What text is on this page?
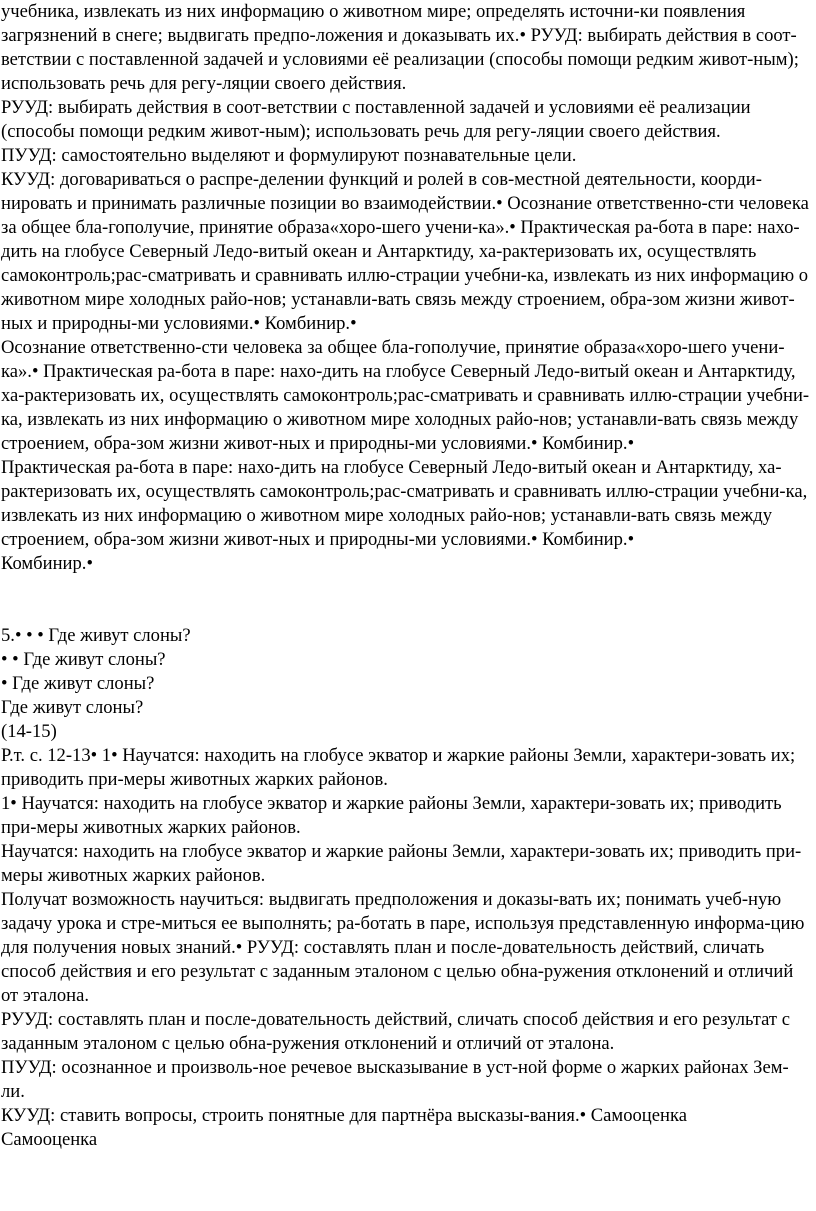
учебника, извлекать из них информацию о животном мире; определять источни-ки появления загрязнений в снеге; выдвигать предпо-ложения и доказывать их.• РУУД: выбирать действия в соот-ветствии с поставленной задачей и условиями её реализации (способы помощи редким живот-ным); использовать речь для регу-ляции своего действия.

РУУД: выбирать действия в соот-ветствии с поставленной задачей и условиями её реализации (способы помощи редким живот-ным); использовать речь для регу-ляции своего действия.

ПУУД: самостоятельно выделяют и формулируют познавательные цели.

КУУД: договариваться о распре-делении функций и ролей в сов-местной деятельности, коорди-нировать и принимать различные позиции во взаимодействии.• Осознание ответственно-сти человека за общее бла-гополучие, принятие образа«хоро-шего учени-ка».• Практическая ра-бота в паре: нахо-дить на глобусе Северный Ледо-витый океан и Антарктиду, ха-рактеризовать их, осуществлять самоконтроль;рас-сматривать и сравнивать иллю-страции учебни-ка, извлекать из них информацию о животном мире холодных райо-нов; устанавли-вать связь между строением, обра-зом жизни живот-ных и природны-ми условиями.• Комбинир.•

Осознание ответственно-сти человека за общее бла-гополучие, принятие образа«хоро-шего учени-ка».• Практическая ра-бота в паре: нахо-дить на глобусе Северный Ледо-витый океан и Антарктиду, ха-рактеризовать их, осуществлять самоконтроль;рас-сматривать и сравнивать иллю-страции учебни-ка, извлекать из них информацию о животном мире холодных райо-нов; устанавли-вать связь между строением, обра-зом жизни живот-ных и природны-ми условиями.• Комбинир.•

Практическая ра-бота в паре: нахо-дить на глобусе Северный Ледо-витый океан и Антарктиду, ха-рактеризовать их, осуществлять самоконтроль;рас-сматривать и сравнивать иллю-страции учебни-ка, извлекать из них информацию о животном мире холодных райо-нов; устанавли-вать связь между строением, обра-зом жизни живот-ных и природны-ми условиями.• Комбинир.•

Комбинир.•

5.• • • Где живут слоны?

• • Где живут слоны?

• Где живут слоны?

Где живут слоны?

(14-15)

Р.т. с. 12-13• 1• Научатся: находить на глобусе экватор и жаркие районы Земли, характери-зовать их; приводить при-меры животных жарких районов.

1• Научатся: находить на глобусе экватор и жаркие районы Земли, характери-зовать их; приводить при-меры животных жарких районов.

Научатся: находить на глобусе экватор и жаркие районы Земли, характери-зовать их; приводить при-меры животных жарких районов.

Получат возможность научиться: выдвигать предположения и доказы-вать их; понимать учеб-ную задачу урока и стре-миться ее выполнять; ра-ботать в паре, используя представленную информа-цию для получения новых знаний.• РУУД: составлять план и после-довательность действий, сличать способ действия и его результат с заданным эталоном с целью обна-ружения отклонений и отличий от эталона.

РУУД: составлять план и после-довательность действий, сличать способ действия и его результат с заданным эталоном с целью обна-ружения отклонений и отличий от эталона.

ПУУД: осознанное и произволь-ное речевое высказывание в уст-ной форме о жарких районах Зем-ли.

КУУД: ставить вопросы, строить понятные для партнёра высказы-вания.• Самооценка

Самооценка
